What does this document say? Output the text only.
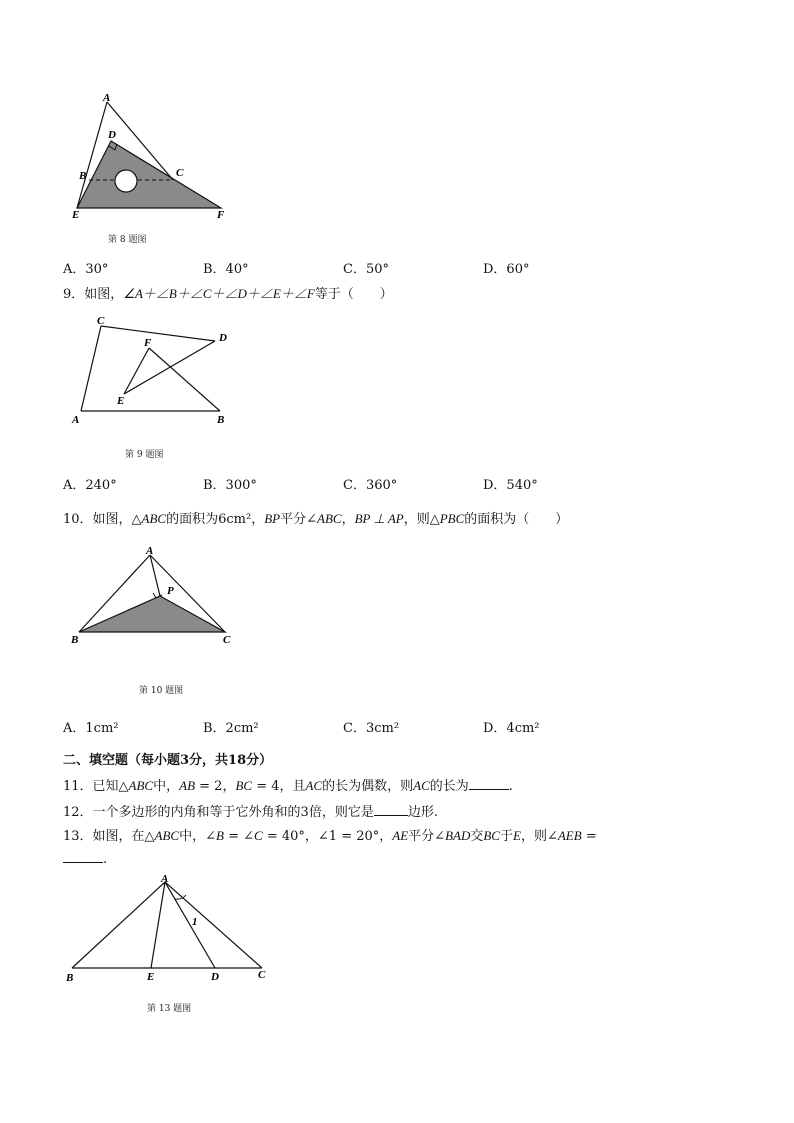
A
D
B	C
E	F
第 8 题图
A．30°	B．40°	C．50°	D．60°
9．如图，∠A＋∠B＋∠C＋∠D＋∠E＋∠F等于（　　）
C
D
F
E
A	B
第 9 题图
A．240°	B．300°	C．360°	D．540°
10．如图，△ABC的面积为6cm²，BP平分∠ABC，BP ⊥ AP，则△PBC的面积为（　　）
A
P
B	C
第 10 题图
A．1cm²	B．2cm²	C．3cm²	D．4cm²
二、填空题（每小题3分，共18分）
11．已知△ABC中，AB = 2，BC = 4，且AC的长为偶数，则AC的长为	.
12．一个多边形的内角和等于它外角和的3倍，则它是	边形.
13．如图，在△ABC中，∠B = ∠C = 40°，∠1 = 20°，AE平分∠BAD交BC于E，则∠AEB =
.
A
1
B	E	D	C
第 13 题图
